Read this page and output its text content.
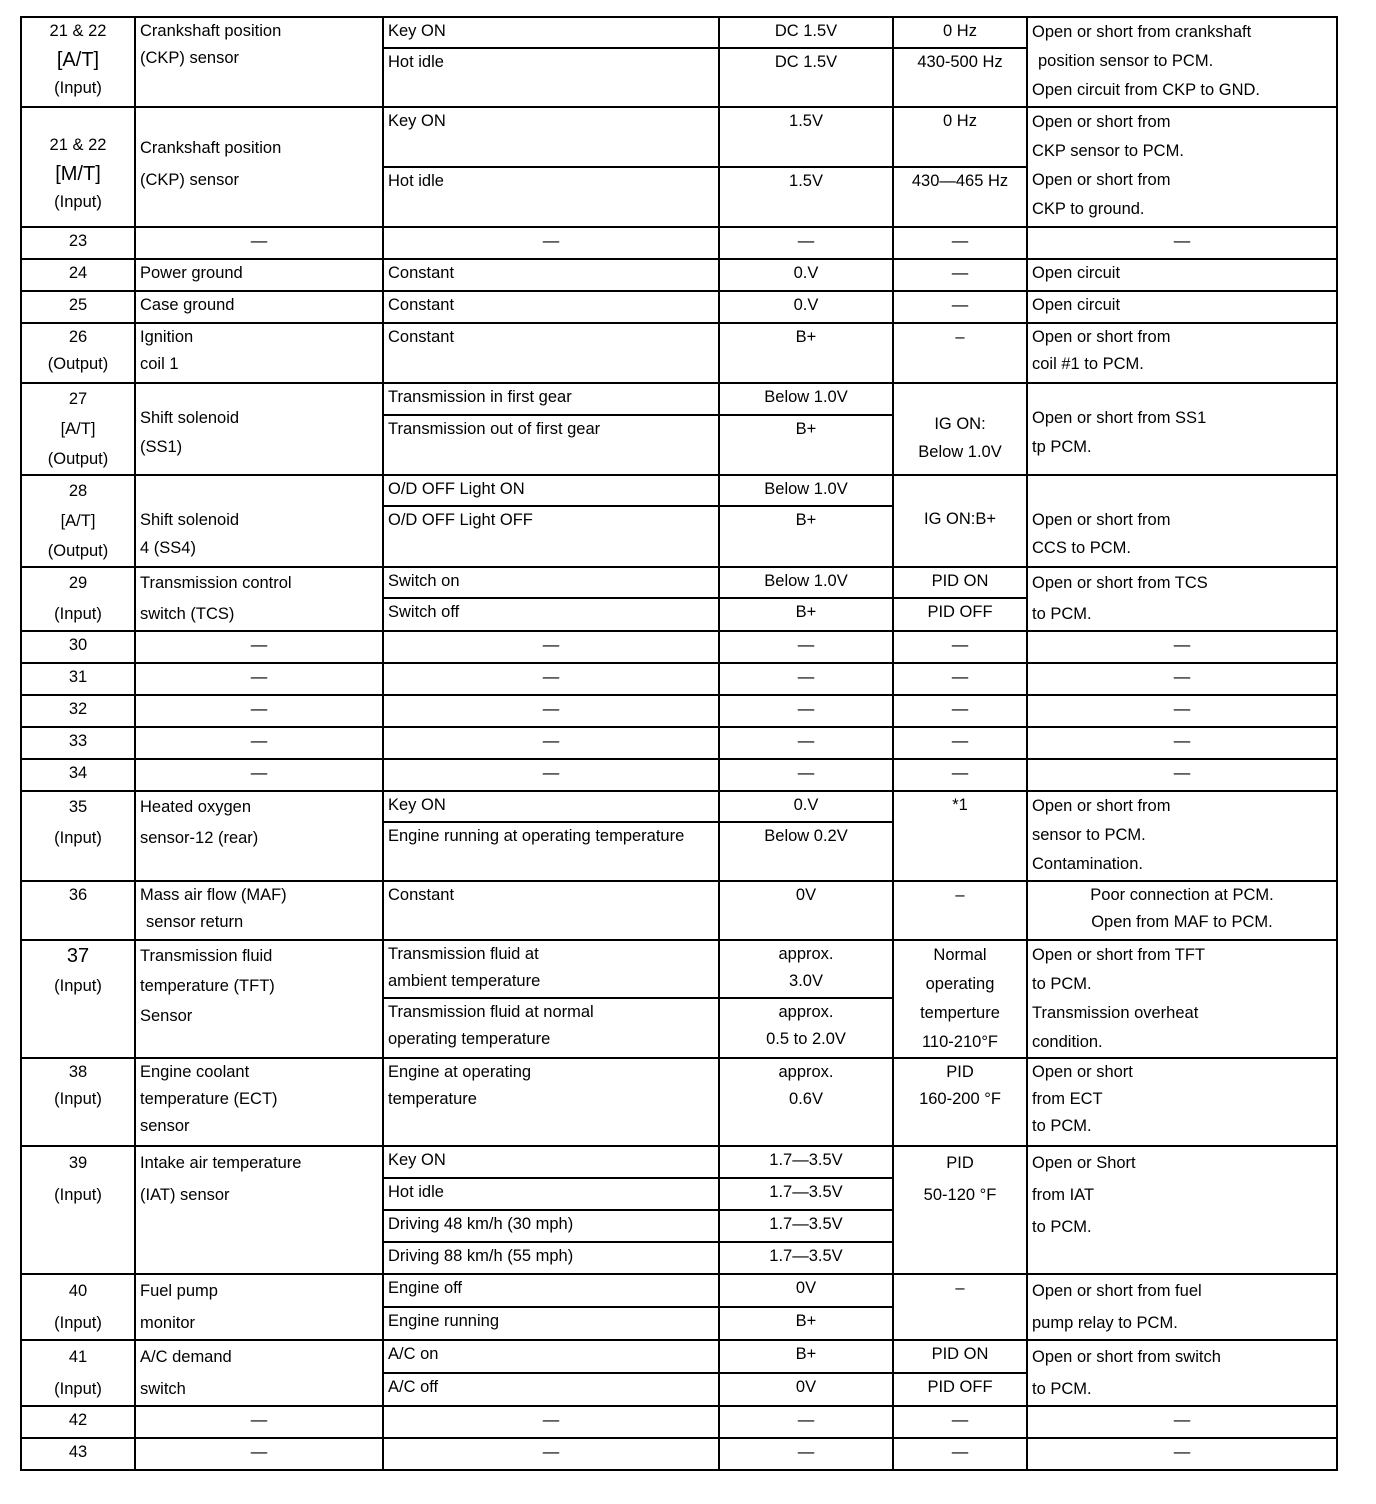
21 & 22
[A/T]
(Input)	Crankshaft position
(CKP) sensor	Key ON	DC 1.5V	0 Hz	Open or short from crankshaft
position sensor to PCM.
Open circuit from CKP to GND.

		Hot idle	DC 1.5V	430-500 Hz	

21 & 22
[M/T]
(Input)	Crankshaft position
(CKP) sensor	Key ON	1.5V	0 Hz	Open or short from
CKP sensor to PCM.
Open or short from
CKP to ground.

		Hot idle	1.5V	430—465 Hz	
23	—	—	—	—	—
24	Power ground	Constant	0.V	—	Open circuit
25	Case ground	Constant	0.V	—	Open circuit

26
(Output)	Ignition
coil 1	Constant	B+	–	Open or short from
coil #1 to PCM.

27
[A/T]
(Output)	Shift solenoid
(SS1)	Transmission in first gear	Below 1.0V	IG ON:
Below 1.0V	Open or short from SS1
tp PCM.

		Transmission out of first gear	B+		

28
[A/T]
(Output)	Shift solenoid
4 (SS4)	O/D OFF Light ON	Below 1.0V	IG ON:B+	Open or short from
CCS to PCM.

		O/D OFF Light OFF	B+		

29
(Input)	Transmission control
switch (TCS)	Switch on	Below 1.0V	PID ON	Open or short from TCS
to PCM.

		Switch off	B+	PID OFF	
30	—	—	—	—	—
31	—	—	—	—	—
32	—	—	—	—	—
33	—	—	—	—	—
34	—	—	—	—	—

35
(Input)	Heated oxygen
sensor-12 (rear)	Key ON	0.V	*1	Open or short from
sensor to PCM.
Contamination.

		Engine running at operating temperature	Below 0.2V		
36	Mass air flow (MAF)
sensor return	Constant	0V	–	Poor connection at PCM.
Open from MAF to PCM.

37
(Input)	Transmission fluid
temperature (TFT)
Sensor	Transmission fluid at
ambient temperature	approx.
3.0V	Normal
operating
temperture
110-210°F	Open or short from TFT
to PCM.
Transmission overheat
condition.

		Transmission fluid at normal
operating temperature	approx.
0.5 to 2.0V		

38
(Input)	Engine coolant
temperature (ECT)
sensor	Engine at operating
temperature	approx.
0.6V	PID
160-200 °F	Open or short
from ECT
to PCM.

39
(Input)	Intake air temperature
(IAT) sensor	Key ON	1.7—3.5V	PID
50-120 °F	Open or Short
from IAT
to PCM.

		Hot idle	1.7—3.5V		
		Driving 48 km/h (30 mph)	1.7—3.5V		
		Driving 88 km/h (55 mph)	1.7—3.5V		

40
(Input)	Fuel pump
monitor	Engine off	0V	–	Open or short from fuel
pump relay to PCM.

		Engine running	B+		

41
(Input)	A/C demand
switch	A/C on	B+	PID ON	Open or short from switch
to PCM.

		A/C off	0V	PID OFF	
42	—	—	—	—	—
43	—	—	—	—	—
